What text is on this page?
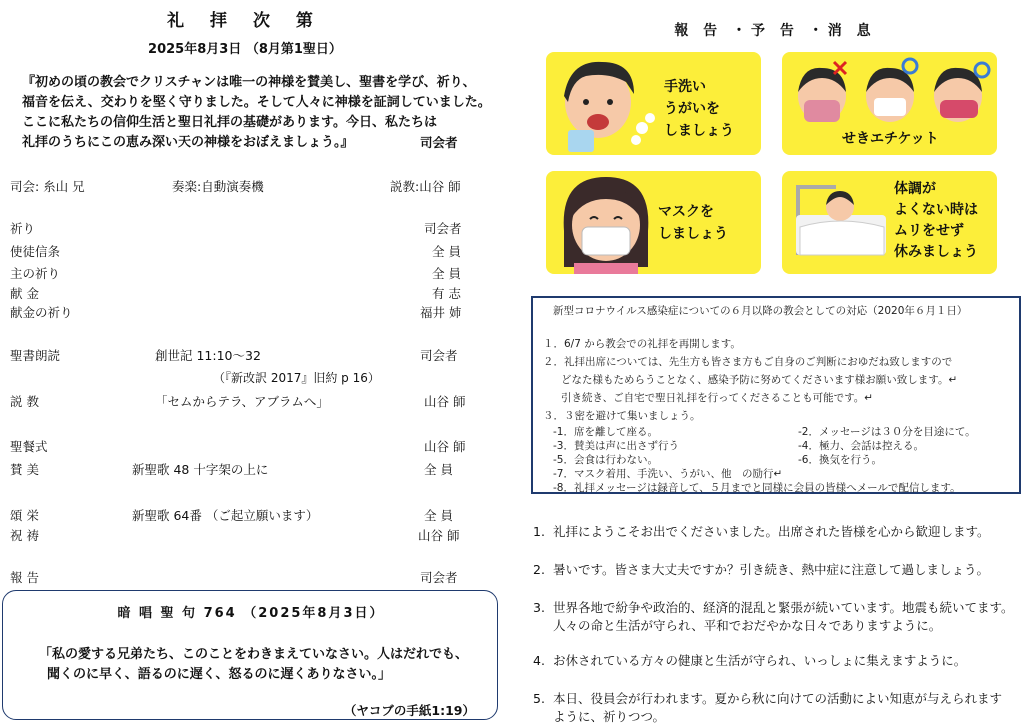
礼 拝 次 第
2025年8月3日 （8月第1聖日）

『初めの頃の教会でクリスチャンは唯一の神様を賛美し、聖書を学び、祈り、

福音を伝え、交わりを堅く守りました。そして人々に神様を証詞していました。

ここに私たちの信仰生活と聖日礼拝の基礎があります。今日、私たちは

礼拝のうちにこの恵み深い天の神様をおぼえましょう。』	司会者
司会: 糸山 兄	奏楽:自動演奏機	説教:山谷 師
祈り	司会者
使徒信条	全 員
主の祈り	全 員
献 金	有 志
献金の祈り	福井 姉
聖書朗読	創世記 11:10〜32	司会者
（『新改訳 2017』旧約 p 16）
説 教	「セムからテラ、アブラムへ」	山谷 師
聖餐式	山谷 師
賛 美	新聖歌 48 十字架の上に	全 員
頌 栄	新聖歌 64番 （ご起立願います）	全 員
祝 祷	山谷 師
報 告	司会者
暗 唱 聖 句 764 （2025年8月3日）

「私の愛する兄弟たち、このことをわきまえていなさい。人はだれでも、

聞くのに早く、語るのに遅く、怒るのに遅くありなさい。」

（ヤコブの手紙1:19）
報 告 ・予 告 ・消 息
手洗い
うがいを
しましょう	せきエチケット
マスクを
しましょう
体調が
よくない時は
ムリをせず
休みましょう
新型コロナウイルス感染症についての６月以降の教会としての対応（2020年６月１日）
１．6/7 から教会での礼拝を再開します。
２．礼拝出席については、先生方も皆さま方もご自身のご判断におゆだね致しますので
どなた様もためらうことなく、感染予防に努めてくださいます様お願い致します。↵
引き続き、ご自宅で聖日礼拝を行ってくださることも可能です。↵
３．３密を避けて集いましょう。
-1．席を離して座る。
-3．賛美は声に出さず行う
-5．会食は行わない。
-7．マスク着用、手洗い、うがい、他　の励行↵
-8．礼拝メッセージは録音して、５月までと同様に会員の皆様へメールで配信します。
-2．メッセージは３０分を目途にて。
-4．極力、会話は控える。
-6．換気を行う。
1. 礼拝にようこそお出でくださいました。出席された皆様を心から歓迎します。
2. 暑いです。皆さま大丈夫ですか？引き続き、熱中症に注意して過しましょう。
3. 世界各地で紛争や政治的、経済的混乱と緊張が続いています。地震も続いてます。
人々の命と生活が守られ、平和でおだやかな日々でありますように。
4. お休されている方々の健康と生活が守られ、いっしょに集えますように。
5. 本日、役員会が行われます。夏から秋に向けての活動によい知恵が与えられます
ように、祈りつつ。
